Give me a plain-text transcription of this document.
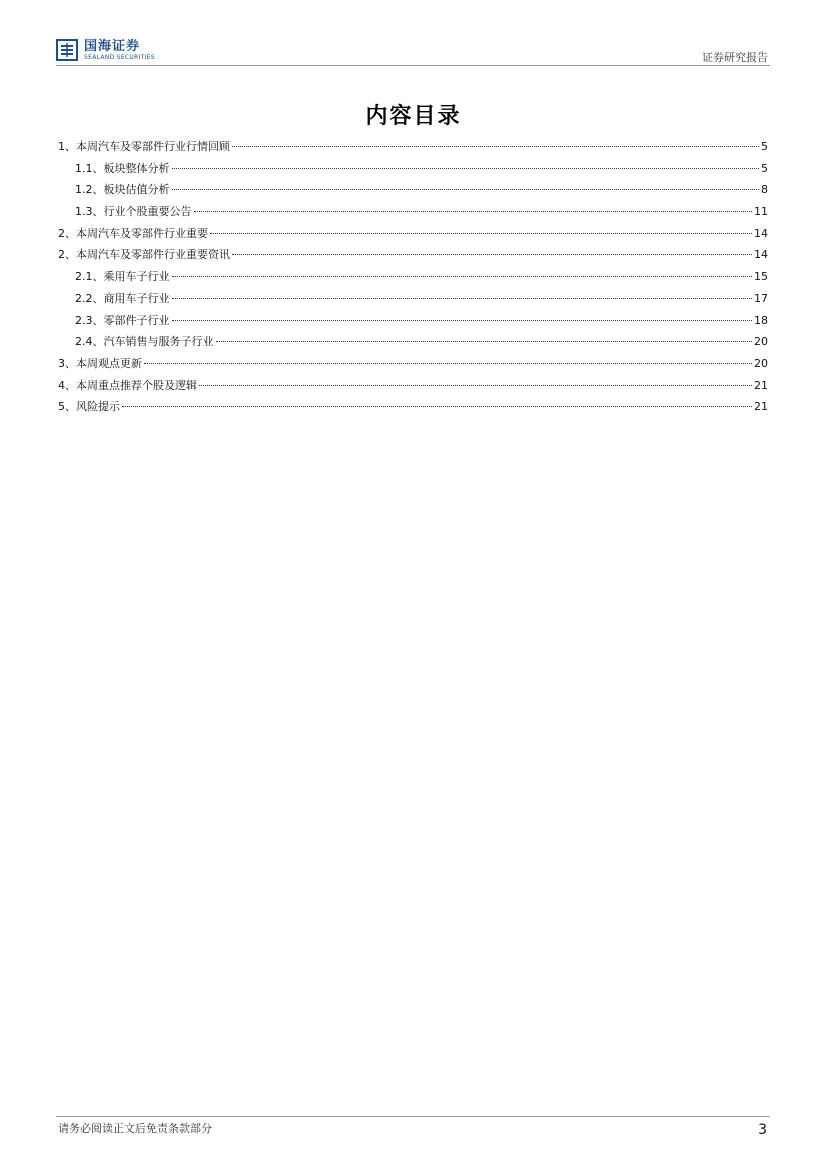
国海证券
SEALAND SECURITIES	证券研究报告
内容目录
1、本周汽车及零部件行业行情回顾	5
1.1、板块整体分析	5
1.2、板块估值分析	8
1.3、行业个股重要公告	11
2、本周汽车及零部件行业重要	14
2、本周汽车及零部件行业重要资讯	14
2.1、乘用车子行业	15
2.2、商用车子行业	17
2.3、零部件子行业	18
2.4、汽车销售与服务子行业	20
3、本周观点更新	20
4、本周重点推荐个股及逻辑	21
5、风险提示	21
请务必阅读正文后免责条款部分	3
